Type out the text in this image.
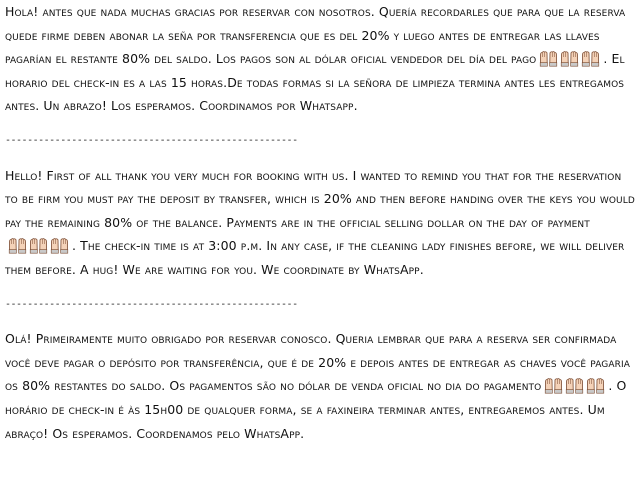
Hola! antes que nada muchas gracias por reservar con nosotros. Quería recordarles que para que la reserva quede firme deben abonar la seña por transferencia que es del 20% y luego antes de entregar las llaves pagarían el restante 80% del saldo. Los pagos son al dólar oficial vendedor del día del pago	. El horario del check-in es a las 15 horas.De todas formas si la señora de limpieza termina antes les entregamos antes. Un abrazo! Los esperamos. Coordinamos por Whatsapp.

-----------------------------------------------------

Hello! First of all thank you very much for booking with us. I wanted to remind you that for the reservation to be firm you must pay the deposit by transfer, which is 20% and then before handing over the keys you would pay the remaining 80% of the balance. Payments are in the official selling dollar on the day of payment
. The check-in time is at 3:00 p.m. In any case, if the cleaning lady finishes before, we will deliver them before. A hug! We are waiting for you. We coordinate by WhatsApp.

-----------------------------------------------------

Olá! Primeiramente muito obrigado por reservar conosco. Queria lembrar que para a reserva ser confirmada você deve pagar o depósito por transferência, que é de 20% e depois antes de entregar as chaves você pagaria os 80% restantes do saldo. Os pagamentos são no dólar de venda oficial no dia do pagamento	. O horário de check-in é às 15h00 de qualquer forma, se a faxineira terminar antes, entregaremos antes. Um abraço! Os esperamos. Coordenamos pelo WhatsApp.
